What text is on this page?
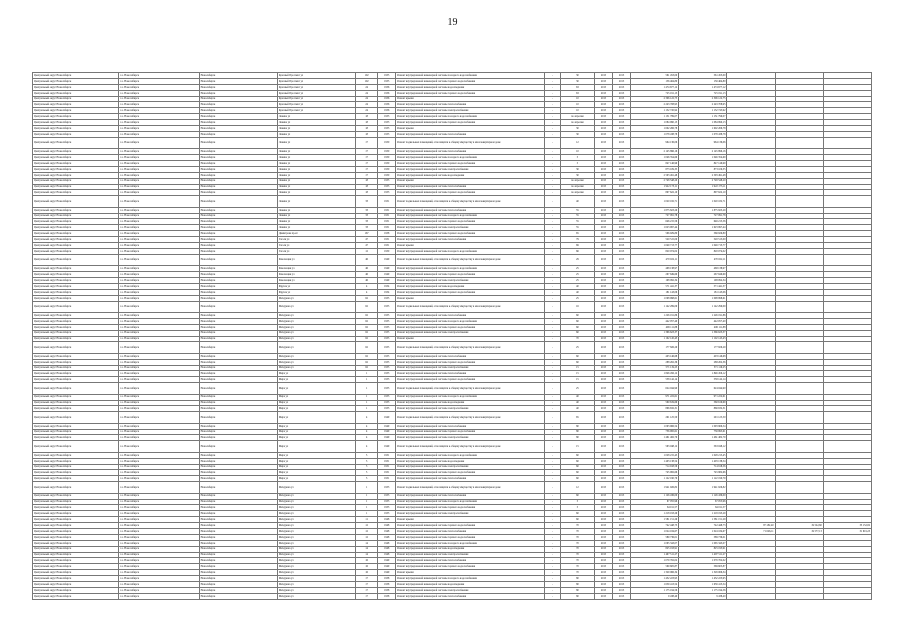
19
Центральный округ Новосибирск	г.о. Новосибирск	Новосибирск	Красный Проспект ул	102	1955	Ремонт внутридомовой инженерной системы холодного водоснабжения	-	30	2015	2015	561 453,00	561 453,00			
Центральный округ Новосибирск	г.о. Новосибирск	Новосибирск	Красный Проспект ул	102	1955	Ремонт внутридомовой инженерной системы горячего водоснабжения	-	30	2015	2015	156 464,80	156 464,80			
Центральный округ Новосибирск	г.о. Новосибирск	Новосибирск	Красный Проспект ул	24	1956	Ремонт внутридомовой инженерной системы водоотведения	-	63	2015	2015	1 474 677,12	1 474 677,12			
Центральный округ Новосибирск	г.о. Новосибирск	Новосибирск	Красный Проспект ул	24	1956	Ремонт внутридомовой инженерной системы горячего водоснабжения	-	63	2015	2015	725 191,13	725 191,13			
Центральный округ Новосибирск	г.о. Новосибирск	Новосибирск	Красный Проспект ул	24	1956	Ремонт крыши	-	10	2015	2015	2 306 122,75	2 306 122,75			
Центральный округ Новосибирск	г.о. Новосибирск	Новосибирск	Красный Проспект ул	24	1956	Ремонт внутридомовой инженерной системы теплоснабжения	-	10	2015	2015	2 243 708,95	2 243 708,95			
Центральный округ Новосибирск	г.о. Новосибирск	Новосибирск	Красный Проспект ул	24	1956	Ремонт внутридомовой инженерной системы электроснабжения	-	10	2015	2015	1 152 745,92	1 152 745,92			
Центральный округ Новосибирск	г.о. Новосибирск	Новосибирск	Ленина ул	18	1953	Ремонт внутридомовой инженерной системы холодного водоснабжения	-	по апрелям	2015	2015	1 131 799,07	1 131 799,07			
Центральный округ Новосибирск	г.о. Новосибирск	Новосибирск	Ленина ул	18	1953	Ремонт внутридомовой инженерной системы горячего водоснабжения	-	по апрелям	2015	2015	1 084 990,13	1 084 990,13			
Центральный округ Новосибирск	г.о. Новосибирск	Новосибирск	Ленина ул	18	1953	Ремонт крыши	-	30	2015	2015	1 602 266,78	1 602 266,78			
Центральный округ Новосибирск	г.о. Новосибирск	Новосибирск	Ленина ул	18	1953	Ремонт внутридомовой инженерной системы теплоснабжения	-	30	2015	2015	1 078 438,78	1 078 438,78			
Центральный округ Новосибирск	г.о. Новосибирск	Новосибирск	Ленина ул	17	1950	Ремонт подвальных помещений, относящихся к общему имуществу в многоквартирном доме	-	12	2015	2015	964 136,06	964 136,06			
Центральный округ Новосибирск	г.о. Новосибирск	Новосибирск	Ленина ул	17	1950	Ремонт внутридомовой инженерной системы теплоснабжения	-	10	2015	2015	2 145 896,16	2 145 896,16			
Центральный округ Новосибирск	г.о. Новосибирск	Новосибирск	Ленина ул	17	1950	Ремонт внутридомовой инженерной системы холодного водоснабжения	-	5	2015	2015	1 046 354,69	1 046 354,69			
Центральный округ Новосибирск	г.о. Новосибирск	Новосибирск	Ленина ул	17	1950	Ремонт внутридомовой инженерной системы горячего водоснабжения	-	5	2015	2015	847 146,99	847 146,99			
Центральный округ Новосибирск	г.о. Новосибирск	Новосибирск	Ленина ул	17	1950	Ремонт внутридомовой инженерной системы электроснабжения	-	30	2015	2015	873 109,35	873 109,35			
Центральный округ Новосибирск	г.о. Новосибирск	Новосибирск	Ленина ул	17	1950	Ремонт внутридомовой инженерной системы водоотведения	-	30	2015	2015	2 593 491,48	2 593 491,48			
Центральный округ Новосибирск	г.о. Новосибирск	Новосибирск	Ленина ул	18	1953	Ремонт крыши	-	по апрелям	2015	2015	2 748 548,20	2 748 548,20			
Центральный округ Новосибирск	г.о. Новосибирск	Новосибирск	Ленина ул	18	1953	Ремонт внутридомовой инженерной системы теплоснабжения	-	по апрелям	2015	2015	1 922 173,11	1 922 173,11			
Центральный округ Новосибирск	г.о. Новосибирск	Новосибирск	Ленина ул	18	1953	Ремонт внутридомовой инженерной системы горячего водоснабжения	-	по апрелям	2015	2015	897 622,10	897 622,10			
Центральный округ Новосибирск	г.о. Новосибирск	Новосибирск	Ленина ул	33	1951	Ремонт подвальных помещений, относящихся к общему имуществу в многоквартирном доме	-	40	2015	2015	1 020 182,71	1 020 182,71			
Центральный округ Новосибирск	г.о. Новосибирск	Новосибирск	Ленина ул	33	1951	Ремонт внутридомовой инженерной системы теплоснабжения	-	55	2015	2015	1 875 823,29	1 875 823,29			
Центральный округ Новосибирск	г.о. Новосибирск	Новосибирск	Ленина ул	33	1951	Ремонт внутридомовой инженерной системы холодного водоснабжения	-	55	2015	2015	727 091,78	727 091,78			
Центральный округ Новосибирск	г.о. Новосибирск	Новосибирск	Ленина ул	33	1951	Ремонт внутридомовой инженерной системы горячего водоснабжения	-	55	2015	2015	646 215,56	646 215,56			
Центральный округ Новосибирск	г.о. Новосибирск	Новосибирск	Ленина ул	33	1951	Ремонт внутридомовой инженерной системы электроснабжения	-	55	2015	2015	1 623 997,44	1 623 997,44			
Центральный округ Новосибирск	г.о. Новосибирск	Новосибирск	Димитрова пр-кт	167	1958	Ремонт внутридомовой инженерной системы горячего водоснабжения	-	65	2015	2015	566 929,80	566 929,80			
Центральный округ Новосибирск	г.о. Новосибирск	Новосибирск	Гоголя ул	47	1951	Ремонт внутридомовой инженерной системы теплоснабжения	-	79	2015	2015	520 515,00	520 515,00			
Центральный округ Новосибирск	г.о. Новосибирск	Новосибирск	Гоголя ул	47	1951	Ремонт крыши	-	69	2015	2015	1 049 713,77	1 049 713,77			
Центральный округ Новосибирск	г.о. Новосибирск	Новосибирск	Гоголя ул	12	1950	Ремонт внутридомовой инженерной системы холодного водоснабжения	-	66	2015	2015	820 074,02	820 074,02			
Центральный округ Новосибирск	г.о. Новосибирск	Новосибирск	Революции ул	46	1949	Ремонт подвальных помещений, относящихся к общему имуществу в многоквартирном доме	-	29	2015	2015	470 022,11	470 022,11			
Центральный округ Новосибирск	г.о. Новосибирск	Новосибирск	Революции ул	46	1949	Ремонт внутридомовой инженерной системы холодного водоснабжения	-	25	2015	2015	468 138,97	468 138,97			
Центральный округ Новосибирск	г.о. Новосибирск	Новосибирск	Революции ул	46	1949	Ремонт внутридомовой инженерной системы горячего водоснабжения	-	25	2015	2015	267 649,69	267 649,69			
Центральный округ Новосибирск	г.о. Новосибирск	Новосибирск	Революции ул	46	1949	Ремонт внутридомовой инженерной системы электроснабжения	-	25	2015	2015	198 092,34	198 092,34			
Центральный округ Новосибирск	г.о. Новосибирск	Новосибирск	Фрунзе ул	4	1954	Ремонт внутридомовой инженерной системы водоотведения	-	40	2015	2015	571 441,37	571 441,37			
Центральный округ Новосибирск	г.о. Новосибирск	Новосибирск	Фрунзе ул	4	1954	Ремонт внутридомовой инженерной системы горячего водоснабжения	-	40	2015	2015	181 143,06	181 143,06			
Центральный округ Новосибирск	г.о. Новосибирск	Новосибирск	Мичурина ул	62	1955	Ремонт крыши	-	25	2015	2015	1 098 998,61	1 098 998,61			
Центральный округ Новосибирск	г.о. Новосибирск	Новосибирск	Мичурина ул	62	1955	Ремонт подвальных помещений, относящихся к общему имуществу в многоквартирном доме	-	16	2015	2015	1 142 299,09	1 142 299,09			
Центральный округ Новосибирск	г.о. Новосибирск	Новосибирск	Мичурина ул	62	1955	Ремонт внутридомовой инженерной системы теплоснабжения	-	60	2015	2015	1 226 191,86	1 226 191,86			
Центральный округ Новосибирск	г.о. Новосибирск	Новосибирск	Мичурина ул	62	1955	Ремонт внутридомовой инженерной системы холодного водоснабжения	-	60	2015	2015	442 057,40	442 057,40			
Центральный округ Новосибирск	г.о. Новосибирск	Новосибирск	Мичурина ул	62	1955	Ремонт внутридомовой инженерной системы горячего водоснабжения	-	60	2015	2015	406 111,88	406 111,88			
Центральный округ Новосибирск	г.о. Новосибирск	Новосибирск	Мичурина ул	62	1955	Ремонт внутридомовой инженерной системы электроснабжения	-	60	2015	2015	1 366 623,37	1 366 623,37			
Центральный округ Новосибирск	г.о. Новосибирск	Новосибирск	Мичурина ул	62	1955	Ремонт крыши	-	70	2015	2015	1 102 145,43	1 102 145,43			
Центральный округ Новосибирск	г.о. Новосибирск	Новосибирск	Мичурина ул	62	1955	Ремонт подвальных помещений, относящихся к общему имуществу в многоквартирном доме	-	25	2015	2015	177 826,29	177 826,29			
Центральный округ Новосибирск	г.о. Новосибирск	Новосибирск	Мичурина ул	62	1955	Ремонт внутридомовой инженерной системы теплоснабжения	-	60	2015	2015	403 146,68	403 146,68			
Центральный округ Новосибирск	г.о. Новосибирск	Новосибирск	Мичурина ул	62	1955	Ремонт внутридомовой инженерной системы горячего водоснабжения	-	60	2015	2015	288 262,36	288 262,36			
Центральный округ Новосибирск	г.о. Новосибирск	Новосибирск	Мичурина ул	62	1955	Ремонт внутридомовой инженерной системы электроснабжения	-	15	2015	2015	571 119,25	571 119,25			
Центральный округ Новосибирск	г.о. Новосибирск	Новосибирск	Мира ул	1	1953	Ремонт внутридомовой инженерной системы теплоснабжения	-	15	2015	2015	1 846 456,12	1 846 456,12			
Центральный округ Новосибирск	г.о. Новосибирск	Новосибирск	Мира ул	1	1953	Ремонт внутридомовой инженерной системы горячего водоснабжения	-	15	2015	2015	538 142,14	538 142,14			
Центральный округ Новосибирск	г.о. Новосибирск	Новосибирск	Мира ул	1	1953	Ремонт подвальных помещений, относящихся к общему имуществу в многоквартирном доме	-	25	2015	2015	624 044,90	624 044,90			
Центральный округ Новосибирск	г.о. Новосибирск	Новосибирск	Мира ул	1	1953	Ремонт внутридомовой инженерной системы холодного водоснабжения	-	40	2015	2015	971 222,61	971 222,61			
Центральный округ Новосибирск	г.о. Новосибирск	Новосибирск	Мира ул	1	1953	Ремонт внутридомовой инженерной системы водоотведения	-	40	2015	2015	560 619,69	560 619,69			
Центральный округ Новосибирск	г.о. Новосибирск	Новосибирск	Мира ул	1	1953	Ремонт внутридомовой инженерной системы электроснабжения	-	40	2015	2015	866 632,31	866 632,31			
Центральный округ Новосибирск	г.о. Новосибирск	Новосибирск	Мира ул	4	1949	Ремонт подвальных помещений, относящихся к общему имуществу в многоквартирном доме	-	65	2015	2015	291 125,50	291 125,50			
Центральный округ Новосибирск	г.о. Новосибирск	Новосибирск	Мира ул	4	1949	Ремонт внутридомовой инженерной системы теплоснабжения	-	80	2015	2015	1 093 966,54	1 093 966,54			
Центральный округ Новосибирск	г.о. Новосибирск	Новосибирск	Мира ул	4	1949	Ремонт внутридомовой инженерной системы горячего водоснабжения	-	80	2015	2015	736 995,61	736 995,61			
Центральный округ Новосибирск	г.о. Новосибирск	Новосибирск	Мира ул	4	1949	Ремонт внутридомовой инженерной системы электроснабжения	-	80	2015	2015	1 461 482,79	1 461 482,79			
Центральный округ Новосибирск	г.о. Новосибирск	Новосибирск	Мира ул	4	1949	Ремонт подвальных помещений, относящихся к общему имуществу в многоквартирном доме	-	15	2015	2015	563 048,12	563 048,12			
Центральный округ Новосибирск	г.о. Новосибирск	Новосибирск	Мира ул	5	1951	Ремонт внутридомовой инженерной системы холодного водоснабжения	-	60	2015	2015	1 028 215,45	1 028 215,45			
Центральный округ Новосибирск	г.о. Новосибирск	Новосибирск	Мира ул	5	1951	Ремонт внутридомовой инженерной системы водоотведения	-	60	2015	2015	1 403 138,54	1 403 138,54			
Центральный округ Новосибирск	г.о. Новосибирск	Новосибирск	Мира ул	5	1951	Ремонт внутридомовой инженерной системы электроснабжения	-	60	2015	2015	714 918,56	714 918,56			
Центральный округ Новосибирск	г.о. Новосибирск	Новосибирск	Мира ул	5	1951	Ремонт внутридомовой инженерной системы горячего водоснабжения	-	60	2015	2015	745 982,66	745 982,66			
Центральный округ Новосибирск	г.о. Новосибирск	Новосибирск	Мира ул	5	1951	Ремонт внутридомовой инженерной системы теплоснабжения	-	60	2015	2015	1 122 190,79	1 122 190,79			
Центральный округ Новосибирск	г.о. Новосибирск	Новосибирск	Мичурина ул	1	1953	Ремонт подвальных помещений, относящихся к общему имуществу в многоквартирном доме	-	12	2015	2015	1 941 926,82	1 941 926,82			
Центральный округ Новосибирск	г.о. Новосибирск	Новосибирск	Мичурина ул	1	1953	Ремонт внутридомовой инженерной системы теплоснабжения	-	60	2015	2015	1 126 436,00	1 126 436,00			
Центральный округ Новосибирск	г.о. Новосибирск	Новосибирск	Мичурина ул	1	1953	Ремонт внутридомовой инженерной системы холодного водоснабжения	-	5	2015	2015	67 055,96	67 055,96			
Центральный округ Новосибирск	г.о. Новосибирск	Новосибирск	Мичурина ул	1	1953	Ремонт внутридомовой инженерной системы горячего водоснабжения	-	5	2015	2015	64 011,57	64 011,57			
Центральный округ Новосибирск	г.о. Новосибирск	Новосибирск	Мичурина ул	1	1953	Ремонт внутридомовой инженерной системы электроснабжения	-	60	2015	2015	1 218 193,29	1 218 193,29			
Центральный округ Новосибирск	г.о. Новосибирск	Новосибирск	Мичурина ул	11	1948	Ремонт крыши	-	60	2015	2015	1 581 151,29	1 581 151,29			
Центральный округ Новосибирск	г.о. Новосибирск	Новосибирск	Мичурина ул	12	1948	Ремонт внутридомовой инженерной системы горячего водоснабжения	-	70	2015	2015	742 448,73	742 448,73	87 182,40	19 522,60	33 152,82
Центральный округ Новосибирск	г.о. Новосибирск	Новосибирск	Мичурина ул	12	1948	Ремонт внутридомовой инженерной системы теплоснабжения	-	70	2015	2015	1 024 184,67	1 024 184,67	71 626,11	19 577,13	31 601,23
Центральный округ Новосибирск	г.о. Новосибирск	Новосибирск	Мичурина ул	12	1948	Ремонт внутридомовой инженерной системы горячего водоснабжения	-	70	2015	2015	589 736,01	589 736,01			
Центральный округ Новосибирск	г.о. Новосибирск	Новосибирск	Мичурина ул	14	1948	Ремонт внутридомовой инженерной системы холодного водоснабжения	-	70	2015	2015	1 065 343,07	1 065 343,07			
Центральный округ Новосибирск	г.о. Новосибирск	Новосибирск	Мичурина ул	14	1948	Ремонт внутридомовой инженерной системы водоотведения	-	70	2015	2015	825 193,91	825 193,91			
Центральный округ Новосибирск	г.о. Новосибирск	Новосибирск	Мичурина ул	14	1948	Ремонт внутридомовой инженерной системы электроснабжения	-	70	2015	2015	1 497 511,27	1 497 511,27			
Центральный округ Новосибирск	г.о. Новосибирск	Новосибирск	Мичурина ул	16	1949	Ремонт внутридомовой инженерной системы теплоснабжения	-	70	2015	2015	1 079 762,02	1 079 762,02			
Центральный округ Новосибирск	г.о. Новосибирск	Новосибирск	Мичурина ул	16	1949	Ремонт внутридомовой инженерной системы горячего водоснабжения	-	70	2015	2015	569 605,87	569 605,87			
Центральный округ Новосибирск	г.о. Новосибирск	Новосибирск	Мичурина ул	16	1949	Ремонт крыши	-	70	2015	2015	1 329 066,34	1 329 066,34			
Центральный округ Новосибирск	г.о. Новосибирск	Новосибирск	Мичурина ул	17	1958	Ремонт внутридомовой инженерной системы холодного водоснабжения	-	80	2015	2015	1 432 223,95	1 432 223,95			
Центральный округ Новосибирск	г.о. Новосибирск	Новосибирск	Мичурина ул	17	1958	Ремонт внутридомовой инженерной системы водоотведения	-	80	2015	2015	1 659 413,54	1 659 413,54			
Центральный округ Новосибирск	г.о. Новосибирск	Новосибирск	Мичурина ул	17	1958	Ремонт внутридомовой инженерной системы электроснабжения	-	80	2015	2015	1 175 194,56	1 175 194,56			
Центральный округ Новосибирск	г.о. Новосибирск	Новосибирск	Мичурина ул	17	1958	Ремонт внутридомовой инженерной системы теплоснабжения	-	80	2015	2015	9 438,40	9 438,40			
